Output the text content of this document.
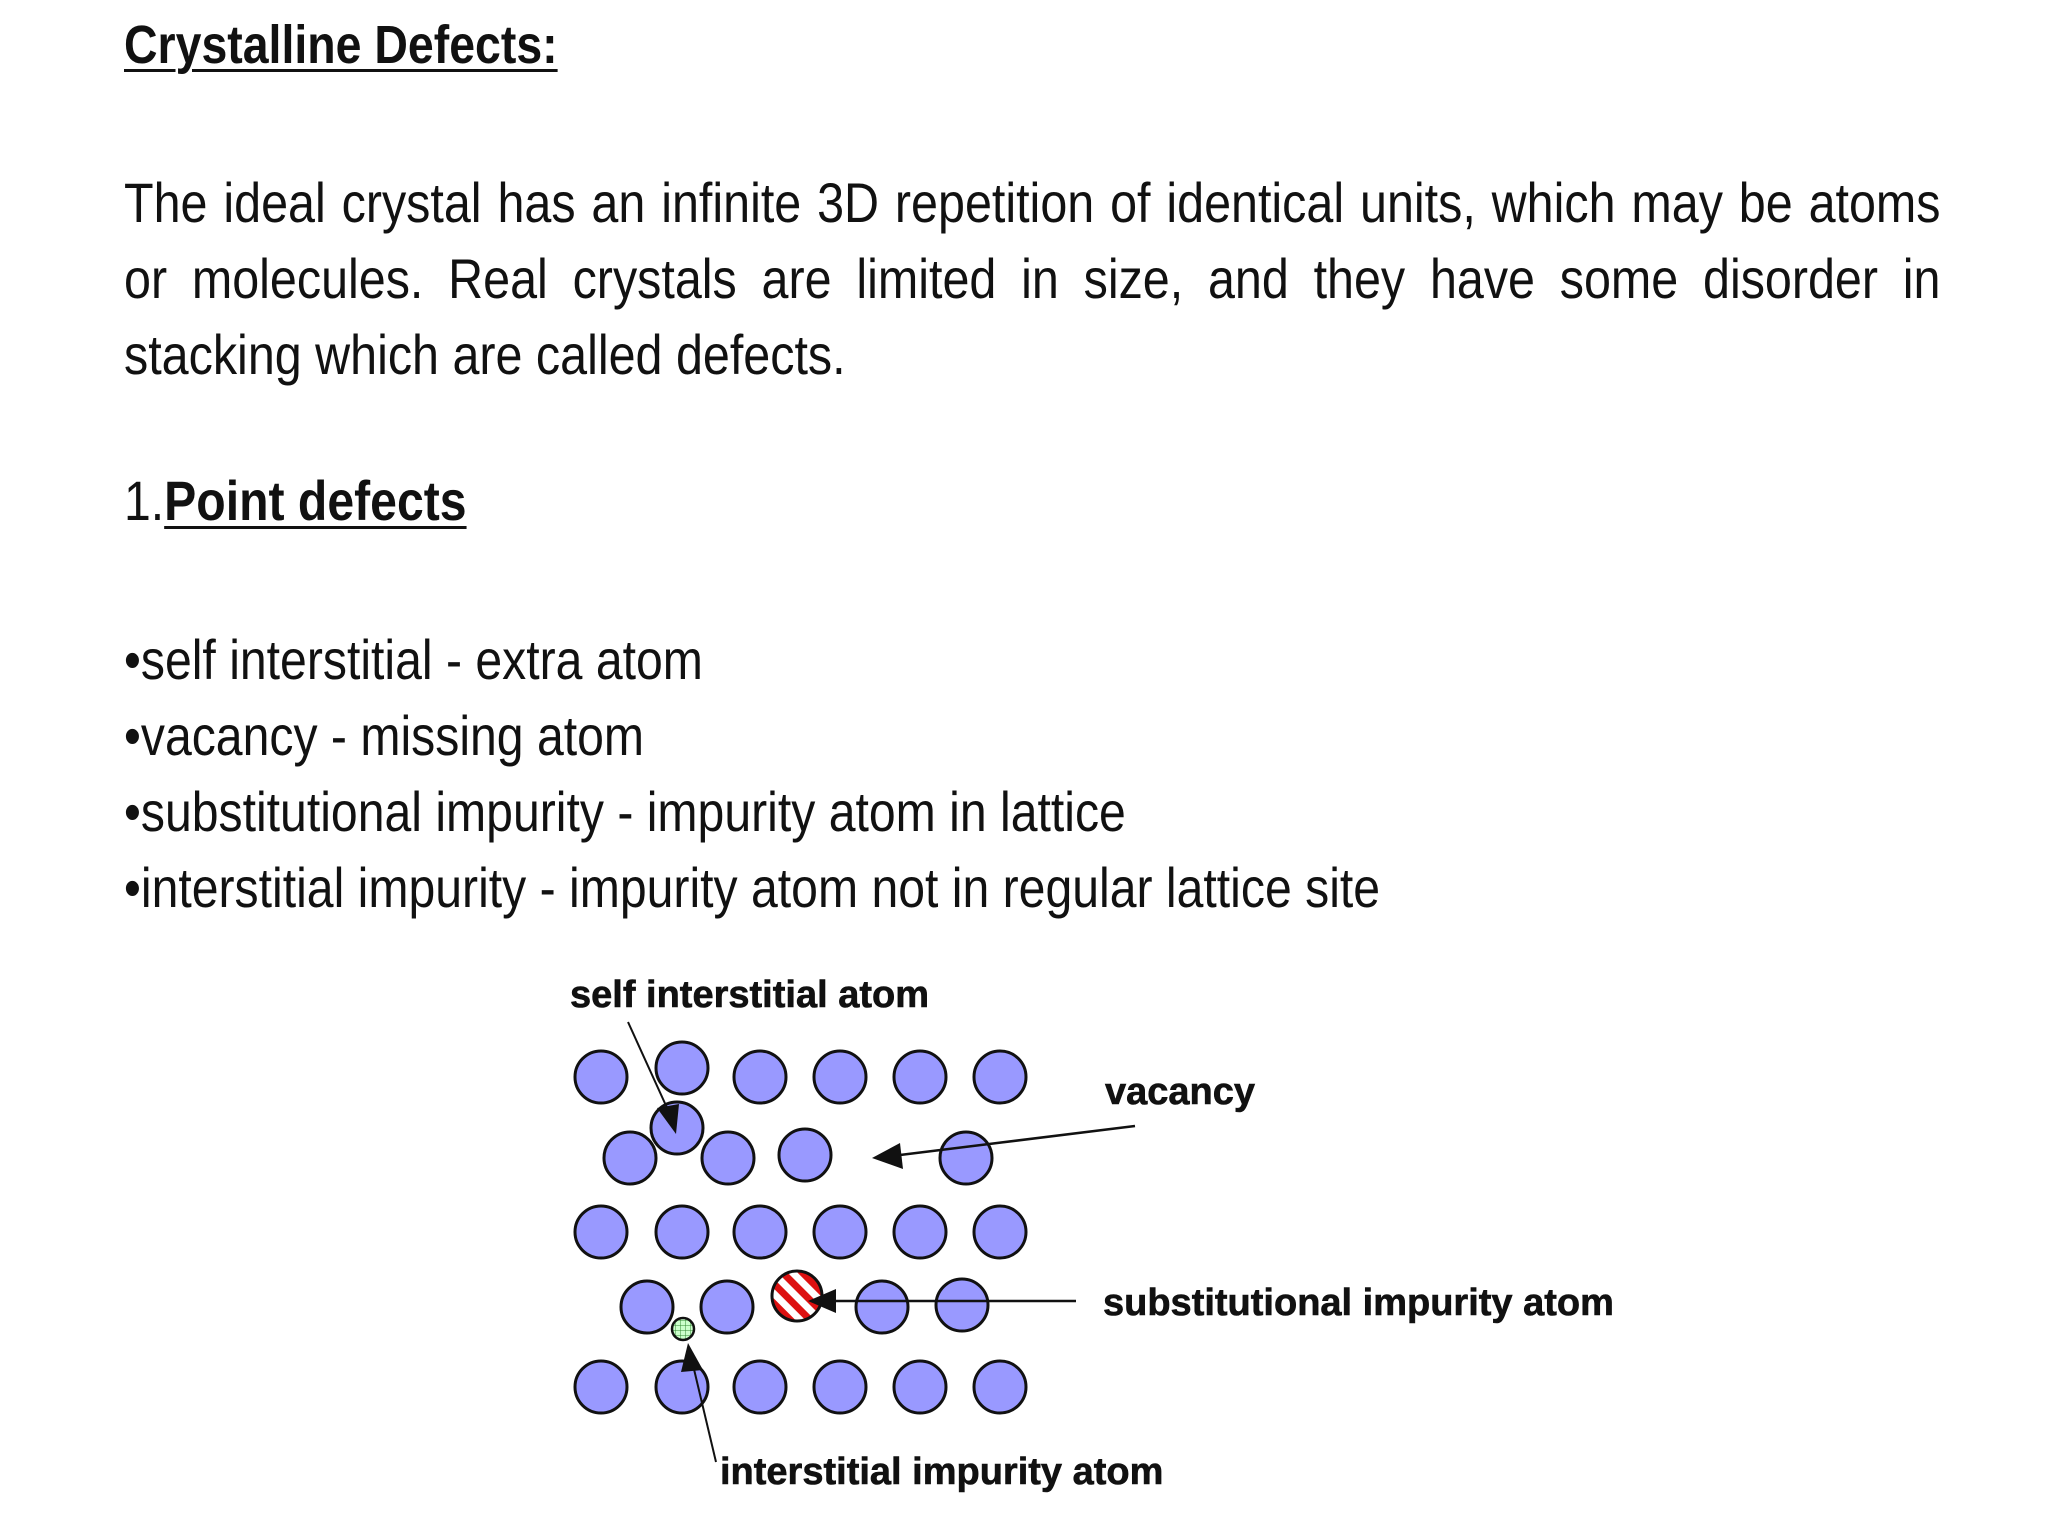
Crystalline Defects:

The ideal crystal has an infinite 3D repetition of identical units, which may be atoms or molecules. Real crystals are limited in size, and they have some disorder in stacking which are called defects.

1.Point defects
• self interstitial - extra atom
• vacancy - missing atom
• substitutional impurity - impurity atom in lattice
• interstitial impurity - impurity atom not in regular lattice site
self interstitial atom
vacancy
substitutional impurity atom
interstitial impurity atom
